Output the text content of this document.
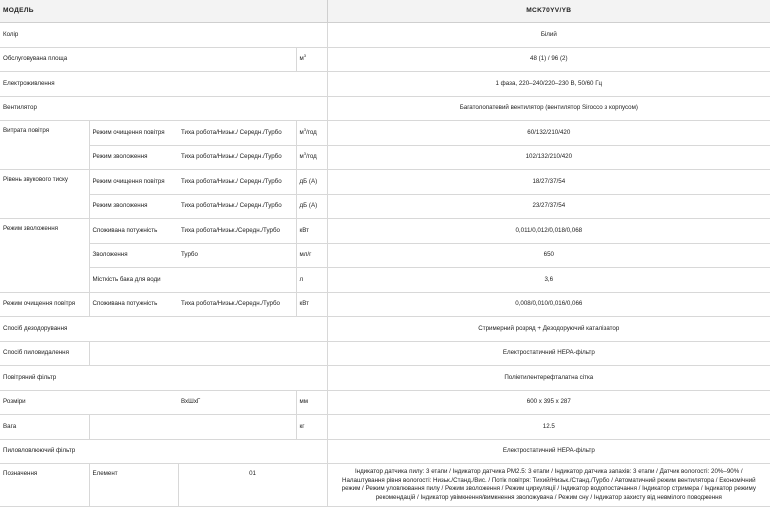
МОДЕЛЬ				MCK70YV/YB
Колір				Білий
Обслуговувана площа			$м^3$	48 (1) / 96 (2)
Електроживлення				1 фаза, 220–240/220–230 В, 50/60 Гц
Вентилятор				Багатолопатевий вентилятор (вентилятор Sirocco з корпусом)
Витрата повітря	Режим очищення повітря	Тиха робота/Низьк./ Середн./Турбо	$м^3$/год	60/132/210/420
	Режим зволоження	Тиха робота/Низьк./ Середн./Турбо	$м^3$/год	102/132/210/420
Рівень звукового тиску	Режим очищення повітря	Тиха робота/Низьк./ Середн./Турбо	дБ (А)	18/27/37/54
	Режим зволоження	Тиха робота/Низьк./ Середн./Турбо	дБ (А)	23/27/37/54
Режим зволоження	Споживана потужність	Тиха робота/Низьк./Середн./Турбо	кВт	0,011/0,012/0,018/0,068
	Зволоження	Турбо	мл/г	650
	Місткість бака для води		л	3,6
Режим очищення повітря	Споживана потужність	Тиха робота/Низьк./Середн./Турбо	кВт	0,008/0,010/0,016/0,066
Спосіб дезодорування				Стримерний розряд + Дезодоруючий каталізатор
Спосіб пиловидалення				Електростатичний HEPA-фільтр
Повітряний фільтр				Поліетилентерефталатна сітка
Розміри		ВхШхГ	мм	600 x 395 x 287
Вага			кг	12.5
Пиловловлюючий фільтр				Електростатичний HEPA-фільтр
Позначення	Елемент	01		Індикатор датчика пилу: 3 етапи / Індикатор датчика PM2.5: 3 етапи / Індикатор датчика запахів: 3 етапи / Датчик вологості: 20%–90% / Налаштування рівня вологості: Низьк./Станд./Вис. / Потік повітря: Тихий/Низьк./Станд./Турбо / Автоматичний режим вентилятора / Економічний режим / Режим уловлювання пилу / Режим зволоження / Режим циркуляції / Індикатор водопостачання / Індикатор стримера / Індикатор режиму рекомендацій / Індикатор увімкнення/вимкнення зволожувача / Режим сну / Індикатор захисту від невмілого поводження
